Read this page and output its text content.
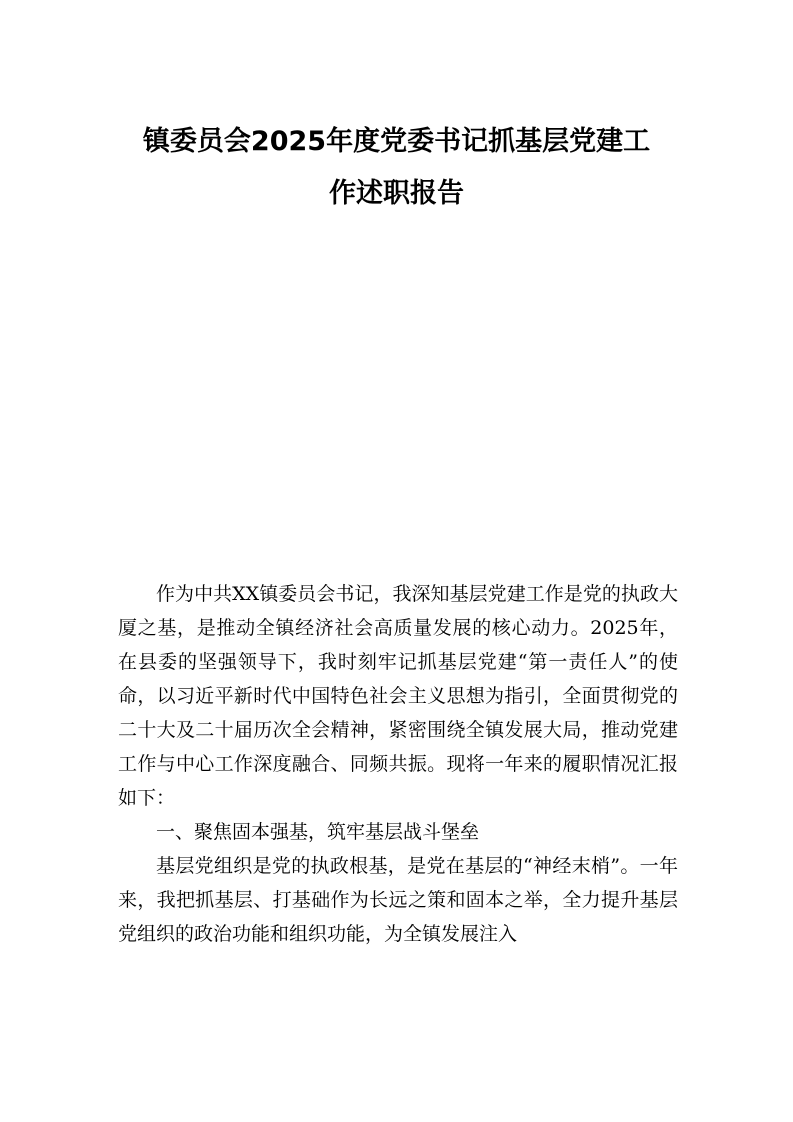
镇委员会2025年度党委书记抓基层党建工
作述职报告

作为中共XX镇委员会书记，我深知基层党建工作是党的执政大厦之基，是推动全镇经济社会高质量发展的核心动力。2025年，在县委的坚强领导下，我时刻牢记抓基层党建“第一责任人”的使命，以习近平新时代中国特色社会主义思想为指引，全面贯彻党的二十大及二十届历次全会精神，紧密围绕全镇发展大局，推动党建工作与中心工作深度融合、同频共振。现将一年来的履职情况汇报如下：

一、聚焦固本强基，筑牢基层战斗堡垒

基层党组织是党的执政根基，是党在基层的“神经末梢”。一年来，我把抓基层、打基础作为长远之策和固本之举，全力提升基层党组织的政治功能和组织功能，为全镇发展注入
